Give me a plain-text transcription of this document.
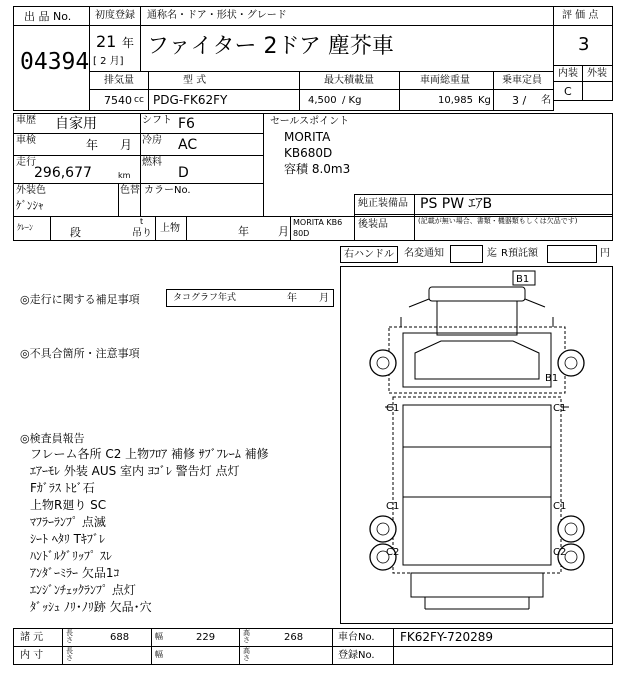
出 品 No.
04394
初度登録 通称名・ドア・形状・グレード	評 価 点
21 年
[ 2 月]
ファイター 2ドア 塵芥車	3
内装 外装
C
排気量	型 式	最大積載量	車両総重量	乗車定員
7540 cc PDG-FK62FY	4,500 / Kg	10,985 Kg 3 / 名
車歴 自家用	シフト F6
車検	年 月 冷房 AC
走行
296,677	km
燃料
D
外装色
ｹﾞﾝｼｬ
色替 カラーNo.
セールスポイント
MORITA
KB680D
容積 8.0m3
ｸﾚｰﾝ	段
t
吊り 上物	年	月
MORITA KB6
80D
純正装備品 PS PW ｴｱB
後装品	(記載が無い場合、書類・機器類もしくは欠品です)
右ハンドル 名変通知	迄 R預託額	円
◎走行に関する補足事項	タコグラフ年式	年 月
◎不具合箇所・注意事項
◎検査員報告
フレーム各所 C2 上物ﾌﾛｱ 補修 ｻﾌﾞﾌﾚｰﾑ 補修
ｴｱｰﾓﾚ 外装 AUS 室内 ﾖｺﾞﾚ 警告灯 点灯
Fｶﾞﾗｽ ﾄﾋﾞ石
上物R廻り SC
ﾏﾌﾗｰﾗﾝﾌﾟ 点滅
ｼｰﾄ ﾍﾀﾘ Tｷﾌﾞﾚ
ﾊﾝﾄﾞﾙｸﾞﾘｯﾌﾟ ｽﾚ
ｱﾝﾀﾞｰﾐﾗｰ 欠品1ｺ
ｴﾝｼﾞﾝﾁｪｯｸﾗﾝﾌﾟ 点灯
ﾀﾞｯｼｭ ﾉﾘ･ﾉﾘ跡 欠品･穴
B1
B1
C1	C1
C1	C1
C2	C2
諸 元	長さ	688	幅	229	高さ	268	車台No. FK62FY-720289
内 寸	長さ	幅	高さ	登録No.
